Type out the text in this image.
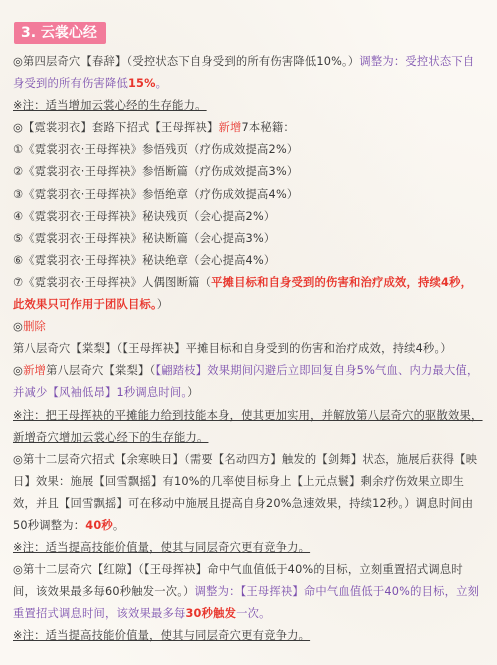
3. 云裳心经

◎第四层奇穴【春辞】（受控状态下自身受到的所有伤害降低10%。）调整为：受控状态下自身受到的所有伤害降低15%。

※注：适当增加云裳心经的生存能力。

◎【霓裳羽衣】套路下招式【王母挥袂】新增7本秘籍：

①《霓裳羽衣·王母挥袂》参悟残页（疗伤成效提高2%）

②《霓裳羽衣·王母挥袂》参悟断篇（疗伤成效提高3%）

③《霓裳羽衣·王母挥袂》参悟绝章（疗伤成效提高4%）

④《霓裳羽衣·王母挥袂》秘诀残页（会心提高2%）

⑤《霓裳羽衣·王母挥袂》秘诀断篇（会心提高3%）

⑥《霓裳羽衣·王母挥袂》秘诀绝章（会心提高4%）

⑦《霓裳羽衣·王母挥袂》人偶图断篇（平摊目标和自身受到的伤害和治疗成效，持续4秒，此效果只可作用于团队目标。）

◎删除第八层奇穴【棠梨】（【王母挥袂】平摊目标和自身受到的伤害和治疗成效，持续4秒。）

◎新增第八层奇穴【棠梨】（【翩踏枝】效果期间闪避后立即回复自身5%气血、内力最大值，并减少【风袖低昂】1秒调息时间。）

※注：把王母挥袂的平摊能力给到技能本身，使其更加实用，并解放第八层奇穴的驱散效果，新增奇穴增加云裳心经下的生存能力。

◎第十二层奇穴招式【余寒映日】（需要【名动四方】触发的【剑舞】状态，施展后获得【映日】效果：施展【回雪飘摇】有10%的几率使目标身上【上元点鬟】剩余疗伤效果立即生效，并且【回雪飘摇】可在移动中施展且提高自身20%急速效果，持续12秒。）调息时间由50秒调整为：40秒。

※注：适当提高技能价值量，使其与同层奇穴更有竞争力。

◎第十二层奇穴【红隙】（【王母挥袂】命中气血值低于40%的目标，立刻重置招式调息时间，该效果最多每60秒触发一次。）调整为：【王母挥袂】命中气血值低于40%的目标，立刻重置招式调息时间，该效果最多每30秒触发一次。

※注：适当提高技能价值量，使其与同层奇穴更有竞争力。
